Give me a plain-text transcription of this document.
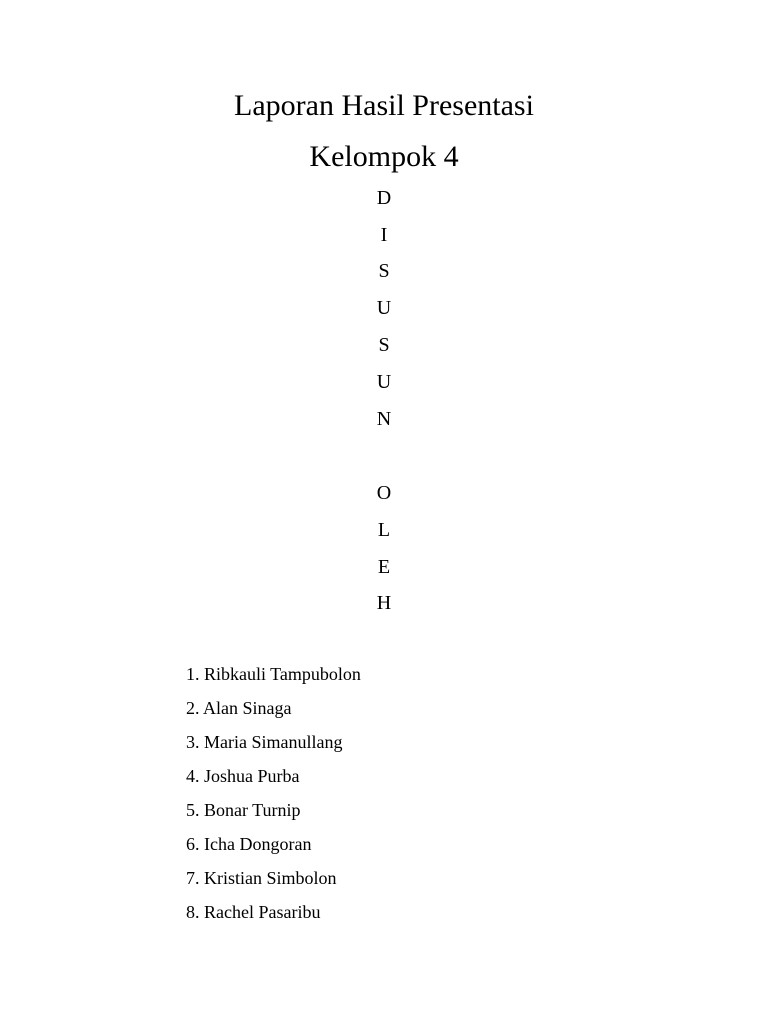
Laporan Hasil Presentasi
Kelompok 4
D
I
S
U
S
U
N
O
L
E
H
1. Ribkauli Tampubolon
2. Alan Sinaga
3. Maria Simanullang
4. Joshua Purba
5. Bonar Turnip
6. Icha Dongoran
7. Kristian Simbolon
8. Rachel Pasaribu
